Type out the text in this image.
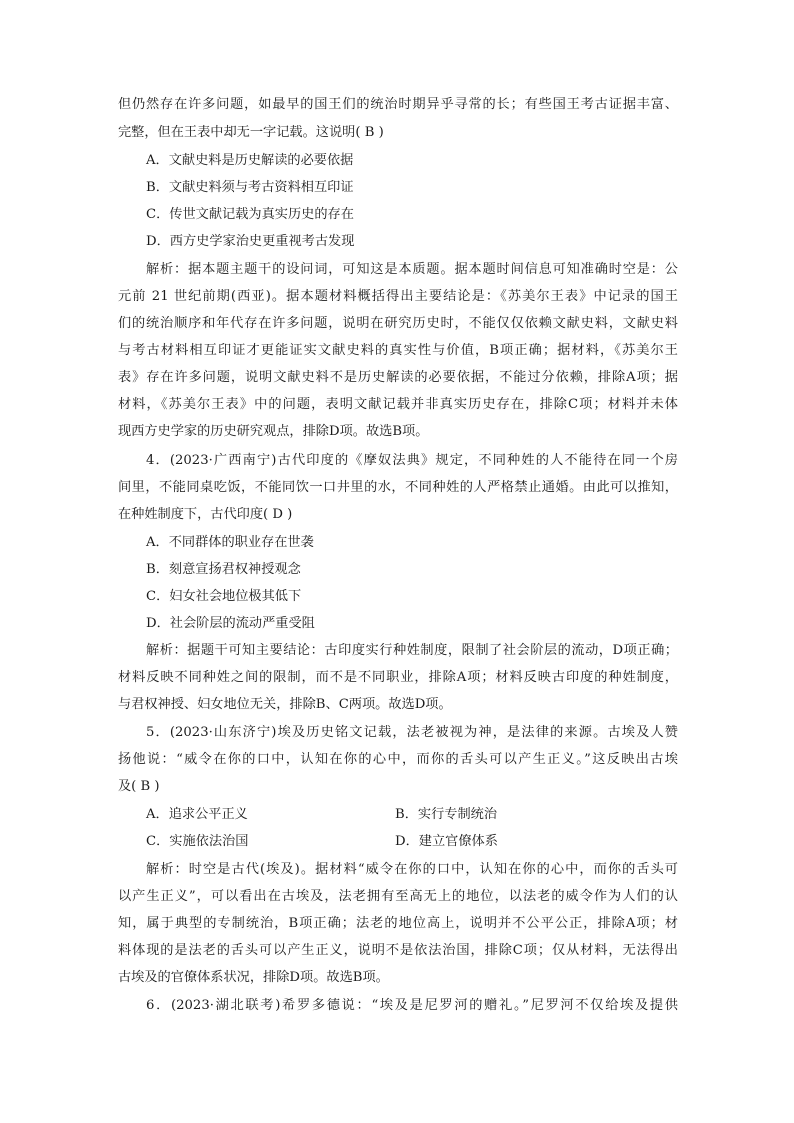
但仍然存在许多问题，如最早的国王们的统治时期异乎寻常的长；有些国王考古证据丰富、
完整，但在王表中却无一字记载。这说明( B )
A．文献史料是历史解读的必要依据
B．文献史料须与考古资料相互印证
C．传世文献记载为真实历史的存在
D．西方史学家治史更重视考古发现
解析：据本题主题干的设问词，可知这是本质题。据本题时间信息可知准确时空是：公
元前 21 世纪前期(西亚)。据本题材料概括得出主要结论是：《苏美尔王表》中记录的国王
们的统治顺序和年代存在许多问题，说明在研究历史时，不能仅仅依赖文献史料，文献史料
与考古材料相互印证才更能证实文献史料的真实性与价值，B项正确；据材料，《苏美尔王
表》存在许多问题，说明文献史料不是历史解读的必要依据，不能过分依赖，排除A项；据
材料，《苏美尔王表》中的问题，表明文献记载并非真实历史存在，排除C项；材料并未体
现西方史学家的历史研究观点，排除D项。故选B项。
4．(2023·广西南宁)古代印度的《摩奴法典》规定，不同种姓的人不能待在同一个房
间里，不能同桌吃饭，不能同饮一口井里的水，不同种姓的人严格禁止通婚。由此可以推知，
在种姓制度下，古代印度( D )
A．不同群体的职业存在世袭
B．刻意宣扬君权神授观念
C．妇女社会地位极其低下
D．社会阶层的流动严重受阻
解析：据题干可知主要结论：古印度实行种姓制度，限制了社会阶层的流动，D项正确；
材料反映不同种姓之间的限制，而不是不同职业，排除A项；材料反映古印度的种姓制度，
与君权神授、妇女地位无关，排除B、C两项。故选D项。
5．(2023·山东济宁)埃及历史铭文记载，法老被视为神，是法律的来源。古埃及人赞
扬他说：“威令在你的口中，认知在你的心中，而你的舌头可以产生正义。”这反映出古埃
及( B )
A．追求公平正义	B．实行专制统治
C．实施依法治国	D．建立官僚体系
解析：时空是古代(埃及)。据材料“威令在你的口中，认知在你的心中，而你的舌头可
以产生正义”，可以看出在古埃及，法老拥有至高无上的地位，以法老的威令作为人们的认
知，属于典型的专制统治，B项正确；法老的地位高上，说明并不公平公正，排除A项；材
料体现的是法老的舌头可以产生正义，说明不是依法治国，排除C项；仅从材料，无法得出
古埃及的官僚体系状况，排除D项。故选B项。
6．(2023·湖北联考)希罗多德说：“埃及是尼罗河的赠礼。”尼罗河不仅给埃及提供
